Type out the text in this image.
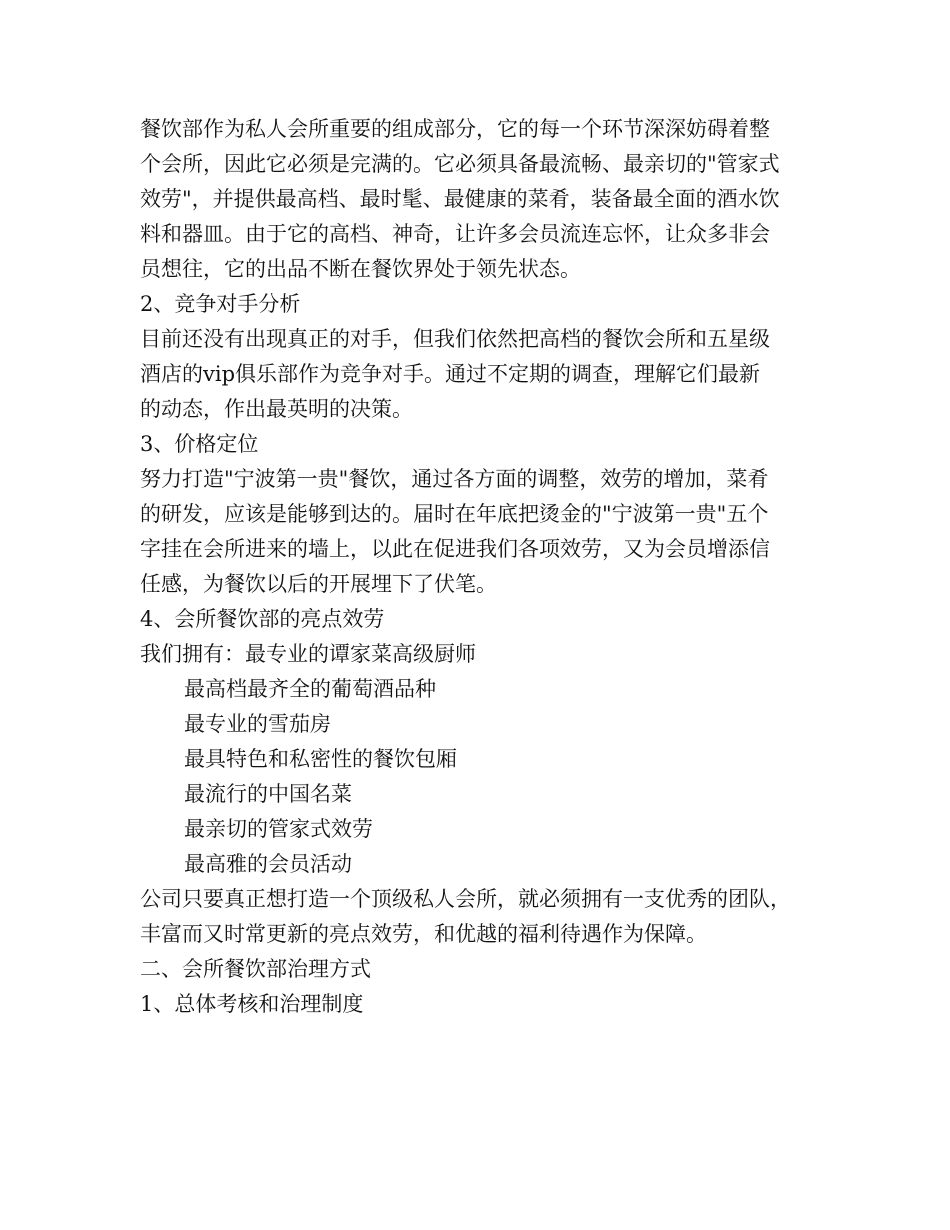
餐饮部作为私人会所重要的组成部分，它的每一个环节深深妨碍着整
个会所，因此它必须是完满的。它必须具备最流畅、最亲切的"管家式
效劳"，并提供最高档、最时髦、最健康的菜肴，装备最全面的酒水饮
料和器皿。由于它的高档、神奇，让许多会员流连忘怀，让众多非会
员想往，它的出品不断在餐饮界处于领先状态。
2、竞争对手分析
目前还没有出现真正的对手，但我们依然把高档的餐饮会所和五星级
酒店的vip俱乐部作为竞争对手。通过不定期的调查，理解它们最新
的动态，作出最英明的决策。
3、价格定位
努力打造"宁波第一贵"餐饮，通过各方面的调整，效劳的增加，菜肴
的研发，应该是能够到达的。届时在年底把烫金的"宁波第一贵"五个
字挂在会所进来的墙上，以此在促进我们各项效劳，又为会员增添信
任感，为餐饮以后的开展埋下了伏笔。
4、会所餐饮部的亮点效劳
我们拥有：最专业的谭家菜高级厨师
最高档最齐全的葡萄酒品种
最专业的雪茄房
最具特色和私密性的餐饮包厢
最流行的中国名菜
最亲切的管家式效劳
最高雅的会员活动
公司只要真正想打造一个顶级私人会所，就必须拥有一支优秀的团队，
丰富而又时常更新的亮点效劳，和优越的福利待遇作为保障。
二、会所餐饮部治理方式
1、总体考核和治理制度
